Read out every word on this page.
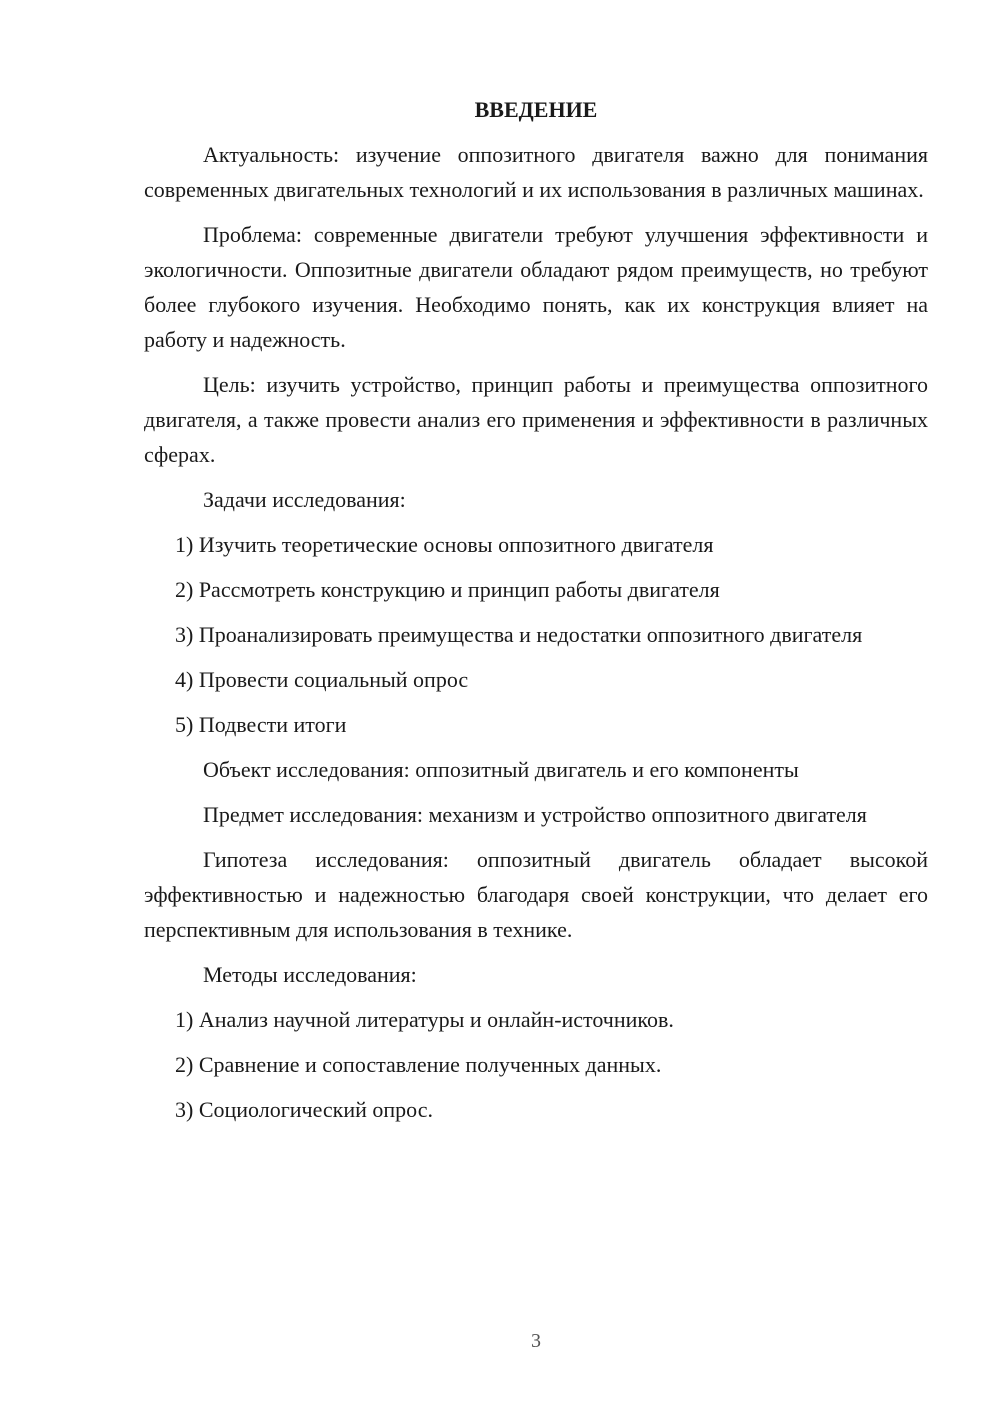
ВВЕДЕНИЕ

Актуальность: изучение оппозитного двигателя важно для понимания современных двигательных технологий и их использования в различных машинах.

Проблема: современные двигатели требуют улучшения эффективности и экологичности. Оппозитные двигатели обладают рядом преимуществ, но требуют более глубокого изучения. Необходимо понять, как их конструкция влияет на работу и надежность.

Цель: изучить устройство, принцип работы и преимущества оппозитного двигателя, а также провести анализ его применения и эффективности в различных сферах.

Задачи исследования:

1) Изучить теоретические основы оппозитного двигателя

2) Рассмотреть конструкцию и принцип работы двигателя

3) Проанализировать преимущества и недостатки оппозитного двигателя

4) Провести социальный опрос

5) Подвести итоги

Объект исследования: оппозитный двигатель и его компоненты

Предмет исследования: механизм и устройство оппозитного двигателя

Гипотеза исследования: оппозитный двигатель обладает высокой эффективностью и надежностью благодаря своей конструкции, что делает его перспективным для использования в технике.

Методы исследования:

1) Анализ научной литературы и онлайн-источников.

2) Сравнение и сопоставление полученных данных.

3) Социологический опрос.

3
